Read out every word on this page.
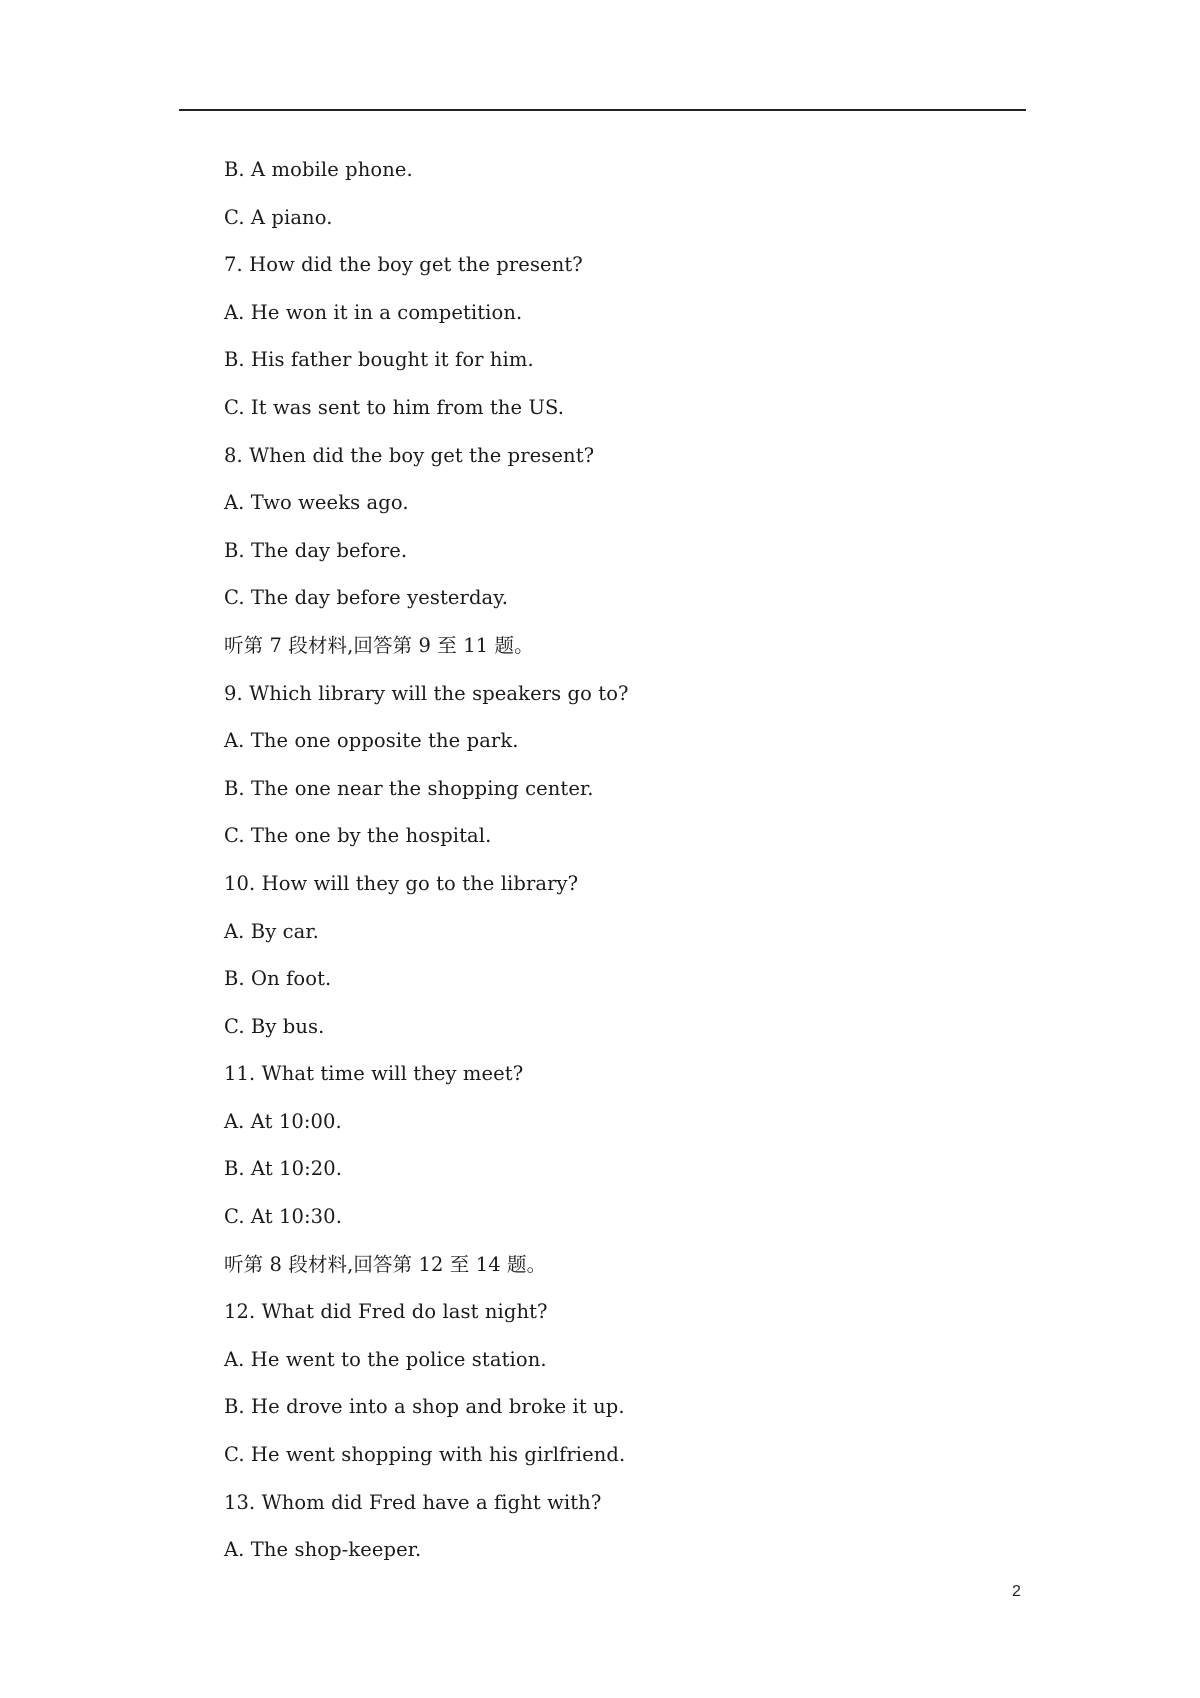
B. A mobile phone.
C. A piano.
7. How did the boy get the present?
A. He won it in a competition.
B. His father bought it for him.
C. It was sent to him from the US.
8. When did the boy get the present?
A. Two weeks ago.
B. The day before.
C. The day before yesterday.
听第 7 段材料,回答第 9 至 11 题。
9. Which library will the speakers go to?
A. The one opposite the park.
B. The one near the shopping center.
C. The one by the hospital.
10. How will they go to the library?
A. By car.
B. On foot.
C. By bus.
11. What time will they meet?
A. At 10:00.
B. At 10:20.
C. At 10:30.
听第 8 段材料,回答第 12 至 14 题。
12. What did Fred do last night?
A. He went to the police station.
B. He drove into a shop and broke it up.
C. He went shopping with his girlfriend.
13. Whom did Fred have a fight with?
A. The shop-keeper.
2
